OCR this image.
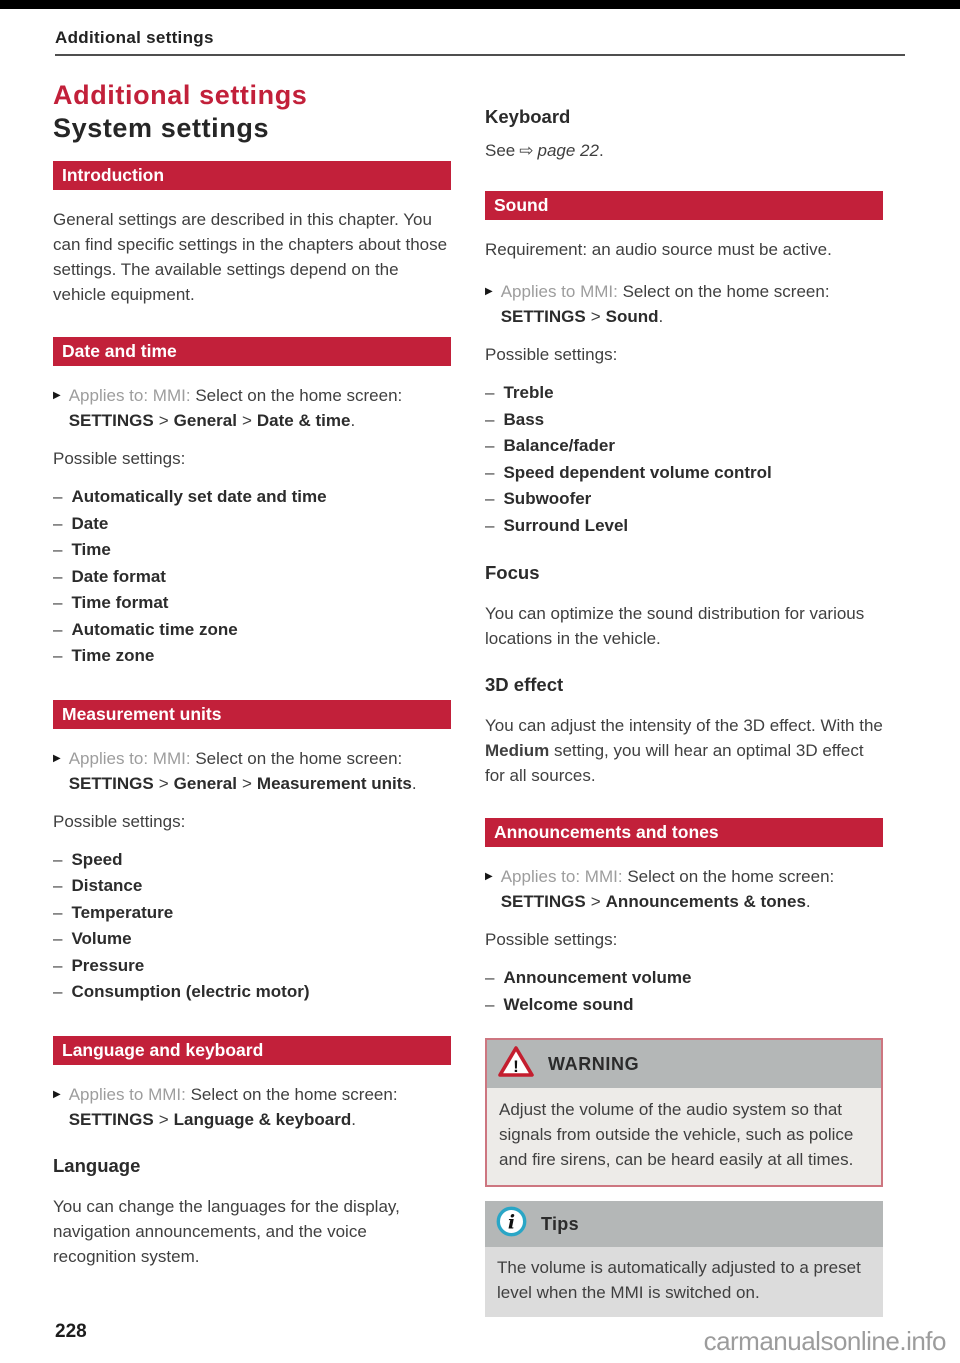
Additional settings
Additional settings
System settings
Introduction
General settings are described in this chapter. You can find specific settings in the chapters about those settings. The available settings depend on the vehicle equipment.
Date and time
▶ Applies to: MMI: Select on the home screen:
SETTINGS > General > Date & time.
Possible settings:
– Automatically set date and time
– Date
– Time
– Date format
– Time format
– Automatic time zone
– Time zone
Measurement units
▶ Applies to: MMI: Select on the home screen:
SETTINGS > General > Measurement units.
Possible settings:
– Speed
– Distance
– Temperature
– Volume
– Pressure
– Consumption (electric motor)
Language and keyboard
▶ Applies to MMI: Select on the home screen:
SETTINGS > Language & keyboard.
Language
You can change the languages for the display, navigation announcements, and the voice recognition system.
Keyboard
See ⇨ page 22.
Sound
Requirement: an audio source must be active.
▶ Applies to MMI: Select on the home screen:
SETTINGS > Sound.
Possible settings:
– Treble
– Bass
– Balance/fader
– Speed dependent volume control
– Subwoofer
– Surround Level
Focus
You can optimize the sound distribution for various locations in the vehicle.
3D effect
You can adjust the intensity of the 3D effect. With the Medium setting, you will hear an optimal 3D effect for all sources.
Announcements and tones
▶ Applies to: MMI: Select on the home screen:
SETTINGS > Announcements & tones.
Possible settings:
– Announcement volume
– Welcome sound
! WARNING
Adjust the volume of the audio system so that signals from outside the vehicle, such as police and fire sirens, can be heard easily at all times.
i Tips
The volume is automatically adjusted to a preset level when the MMI is switched on.
228	carmanualsonline.info
